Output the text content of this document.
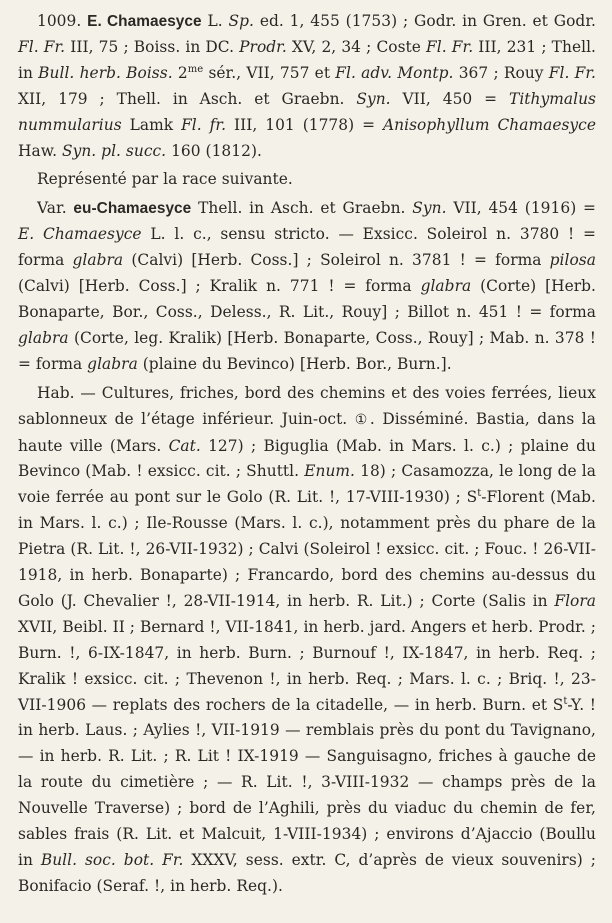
1009. E. Chamaesyce L. Sp. ed. 1, 455 (1753) ; Godr. in Gren. et Godr. Fl. Fr. III, 75 ; Boiss. in DC. Prodr. XV, 2, 34 ; Coste Fl. Fr. III, 231 ; Thell. in Bull. herb. Boiss. $2^{me}$ sér., VII, 757 et Fl. adv. Montp. 367 ; Rouy Fl. Fr. XII, 179 ; Thell. in Asch. et Graebn. Syn. VII, 450 = Tithymalus nummularius Lamk Fl. fr. III, 101 (1778) = Anisophyllum Chamaesyce Haw. Syn. pl. succ. 160 (1812).

Représenté par la race suivante.

Var. eu-Chamaesyce Thell. in Asch. et Graebn. Syn. VII, 454 (1916) = E. Chamaesyce L. l. c., sensu stricto. — Exsicc. Soleirol n. 3780 ! = forma glabra (Calvi) [Herb. Coss.] ; Soleirol n. 3781 ! = forma pilosa (Calvi) [Herb. Coss.] ; Kralik n. 771 ! = forma glabra (Corte) [Herb. Bonaparte, Bor., Coss., Deless., R. Lit., Rouy] ; Billot n. 451 ! = forma glabra (Corte, leg. Kralik) [Herb. Bonaparte, Coss., Rouy] ; Mab. n. 378 ! = forma glabra (plaine du Bevinco) [Herb. Bor., Burn.].

Hab. — Cultures, friches, bord des chemins et des voies ferrées, lieux sablonneux de l’étage inférieur. Juin-oct. ①. Disséminé. Bastia, dans la haute ville (Mars. Cat. 127) ; Biguglia (Mab. in Mars. l. c.) ; plaine du Bevinco (Mab. ! exsicc. cit. ; Shuttl. Enum. 18) ; Casamozza, le long de la voie ferrée au pont sur le Golo (R. Lit. !, 17-VIII-1930) ; $S^t$-Florent (Mab. in Mars. l. c.) ; Ile-Rousse (Mars. l. c.), notamment près du phare de la Pietra (R. Lit. !, 26-VII-1932) ; Calvi (Soleirol ! exsicc. cit. ; Fouc. ! 26-VII-1918, in herb. Bonaparte) ; Francardo, bord des chemins au-dessus du Golo (J. Chevalier !, 28-VII-1914, in herb. R. Lit.) ; Corte (Salis in Flora XVII, Beibl. II ; Bernard !, VII-1841, in herb. jard. Angers et herb. Prodr. ; Burn. !, 6-IX-1847, in herb. Burn. ; Burnouf !, IX-1847, in herb. Req. ; Kralik ! exsicc. cit. ; Thevenon !, in herb. Req. ; Mars. l. c. ; Briq. !, 23-VII-1906 — replats des rochers de la citadelle, — in herb. Burn. et $S^t-Y$. ! in herb. Laus. ; Aylies !, VII-1919 — remblais près du pont du Tavignano, — in herb. R. Lit. ; R. Lit ! IX-1919 — Sanguisagno, friches à gauche de la route du cimetière ; — R. Lit. !, 3-VIII-1932 — champs près de la Nouvelle Traverse) ; bord de l’Aghili, près du viaduc du chemin de fer, sables frais (R. Lit. et Malcuit, 1-VIII-1934) ; environs d’Ajaccio (Boullu in Bull. soc. bot. Fr. XXXV, sess. extr. C, d’après de vieux souvenirs) ; Bonifacio (Seraf. !, in herb. Req.).
